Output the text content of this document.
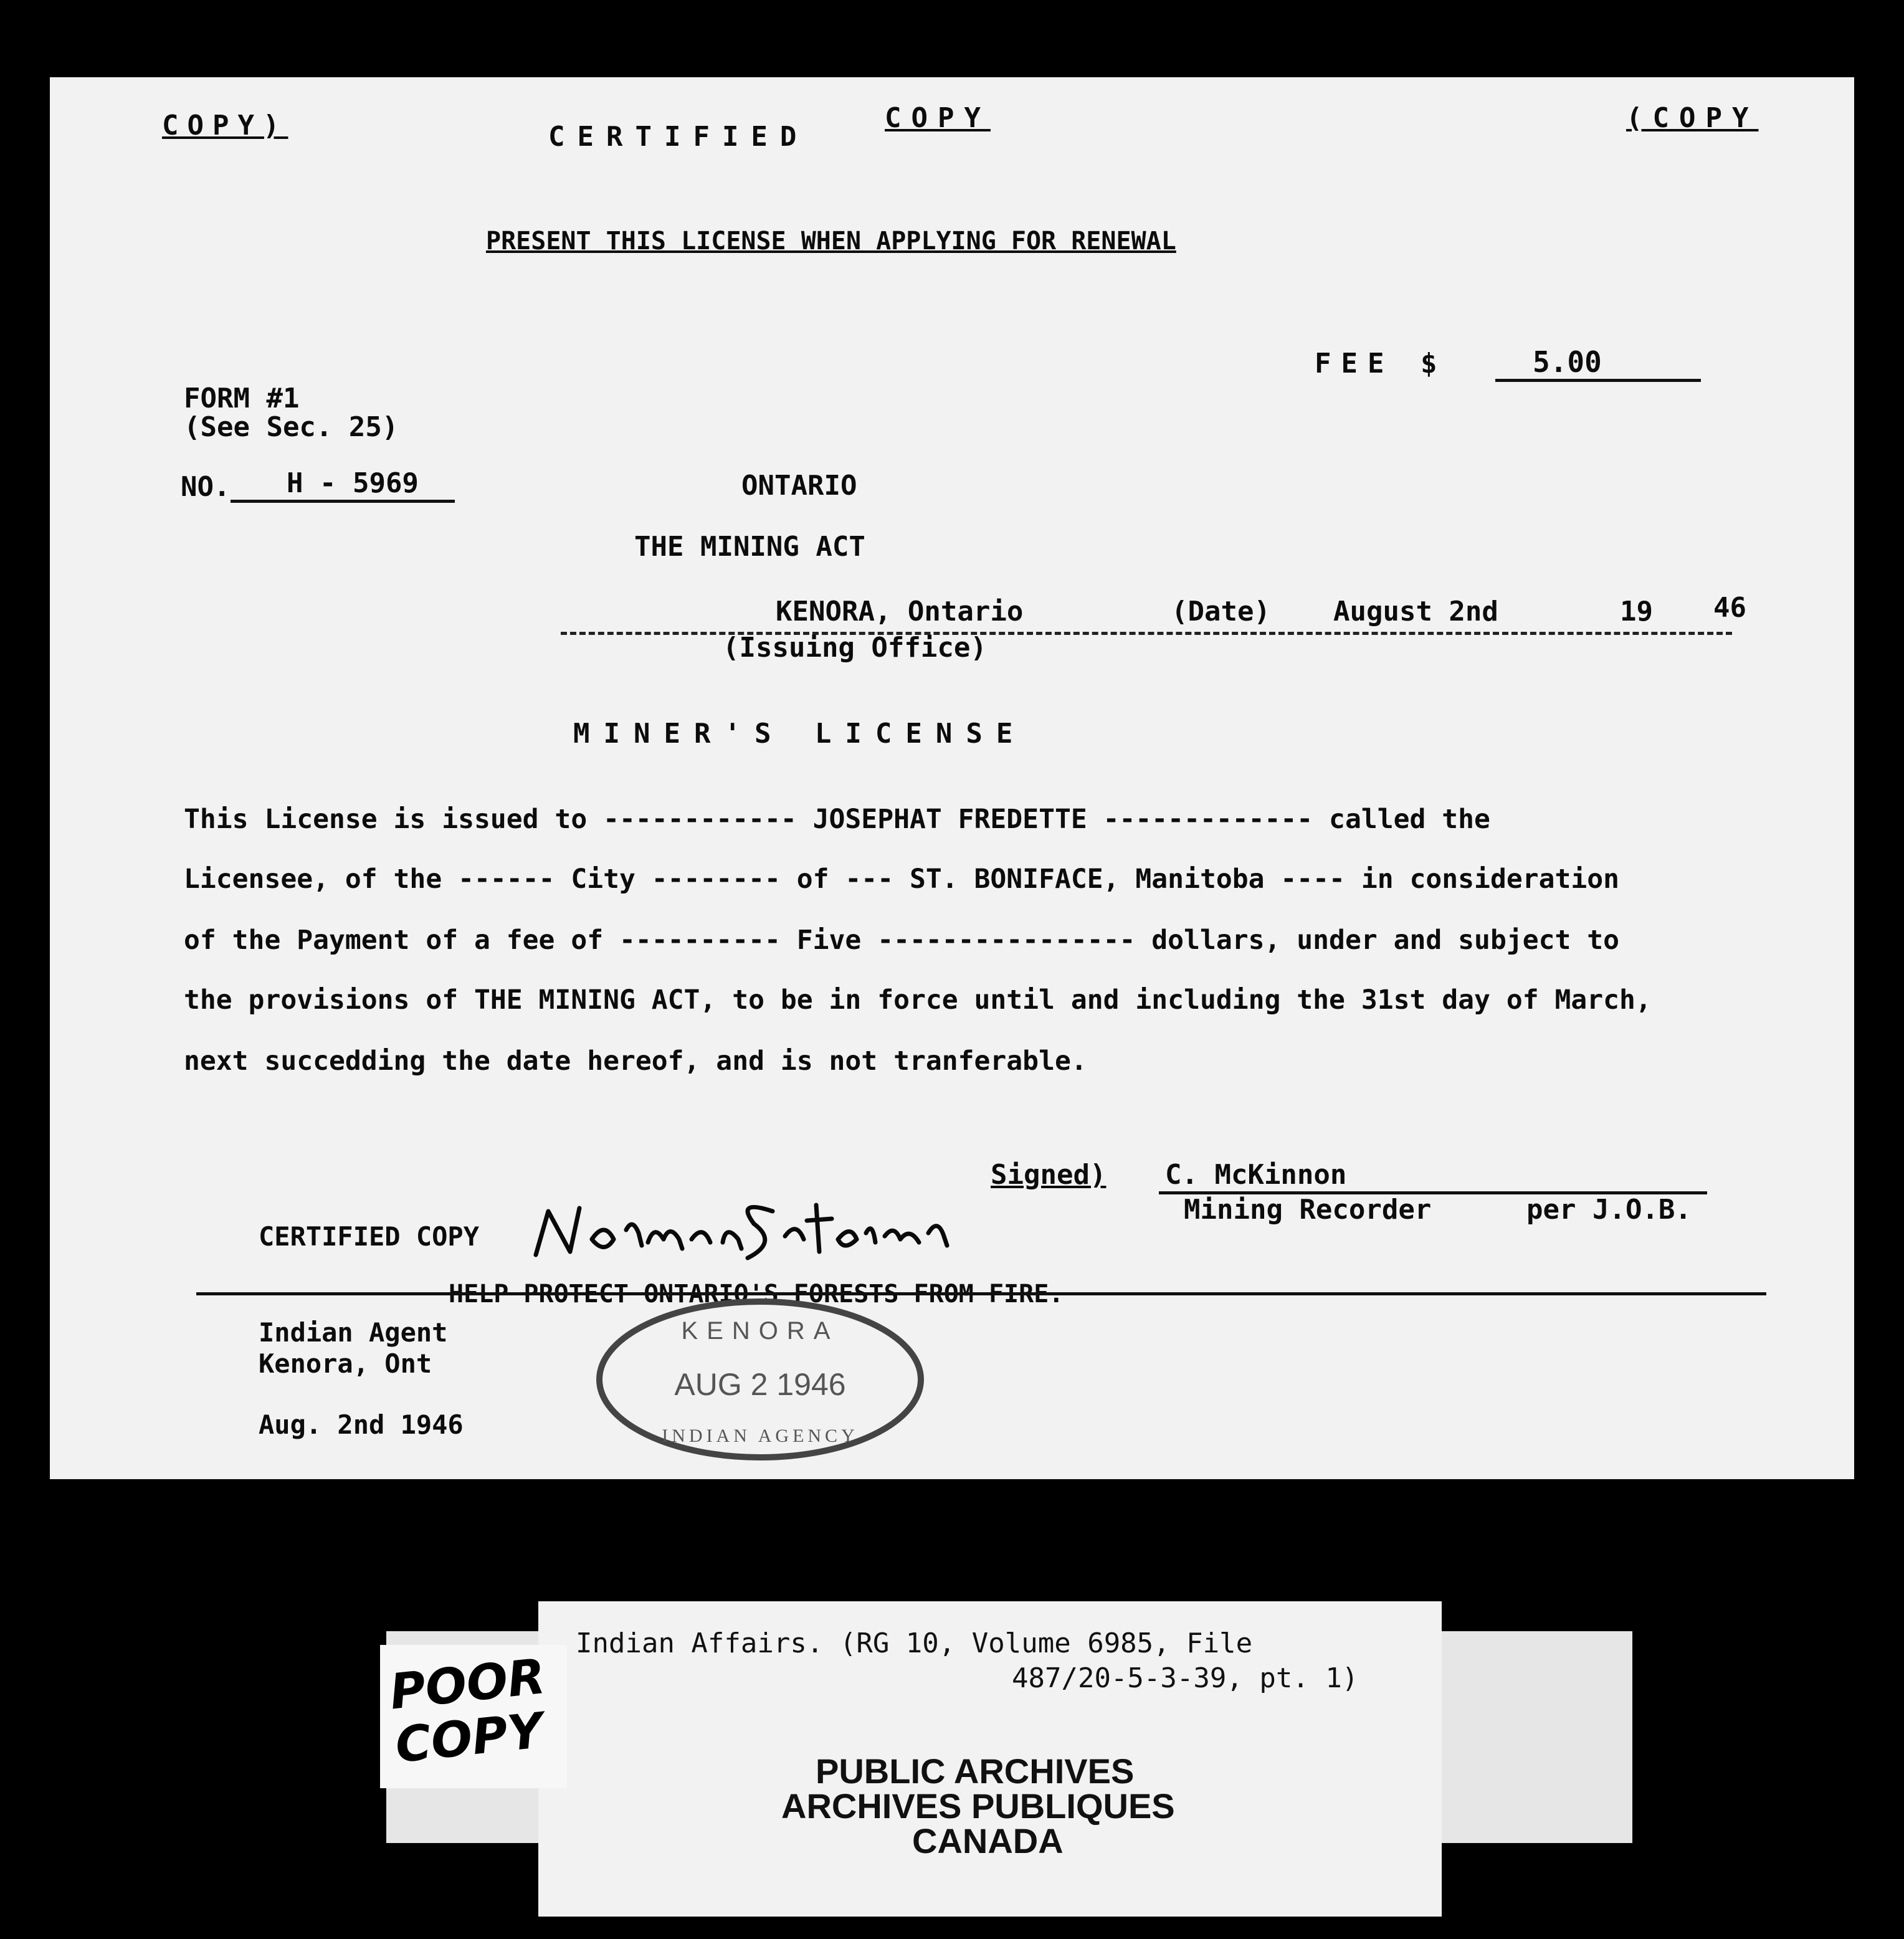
COPY)	CERTIFIED
COPY	(COPY
PRESENT THIS LICENSE WHEN APPLYING FOR RENEWAL
FEE $	5.00
FORM #1
(See Sec. 25)
NO. H - 5969	ONTARIO
THE MINING ACT
KENORA, Ontario	(Date) August 2nd	19 46
(Issuing Office)
MINER'S LICENSE
This License is issued to ------------ JOSEPHAT FREDETTE ------------- called the
Licensee, of the ------ City -------- of --- ST. BONIFACE, Manitoba ---- in consideration
of the Payment of a fee of ---------- Five ---------------- dollars, under and subject to
the provisions of THE MINING ACT, to be in force until and including the 31st day of March,
next succedding the date hereof, and is not tranferable.
Signed) C. McKinnon
Mining Recorder	per J.O.B.
CERTIFIED COPY
HELP PROTECT ONTARIO'S FORESTS FROM FIRE.
Indian Agent
Kenora, Ont
Aug. 2nd 1946
KENORA
AUG 2 1946
INDIAN AGENCY
Indian Affairs. (RG 10, Volume 6985, File
487/20-5-3-39, pt. 1)
PUBLIC ARCHIVES
ARCHIVES PUBLIQUES
CANADA
POOR COPY
